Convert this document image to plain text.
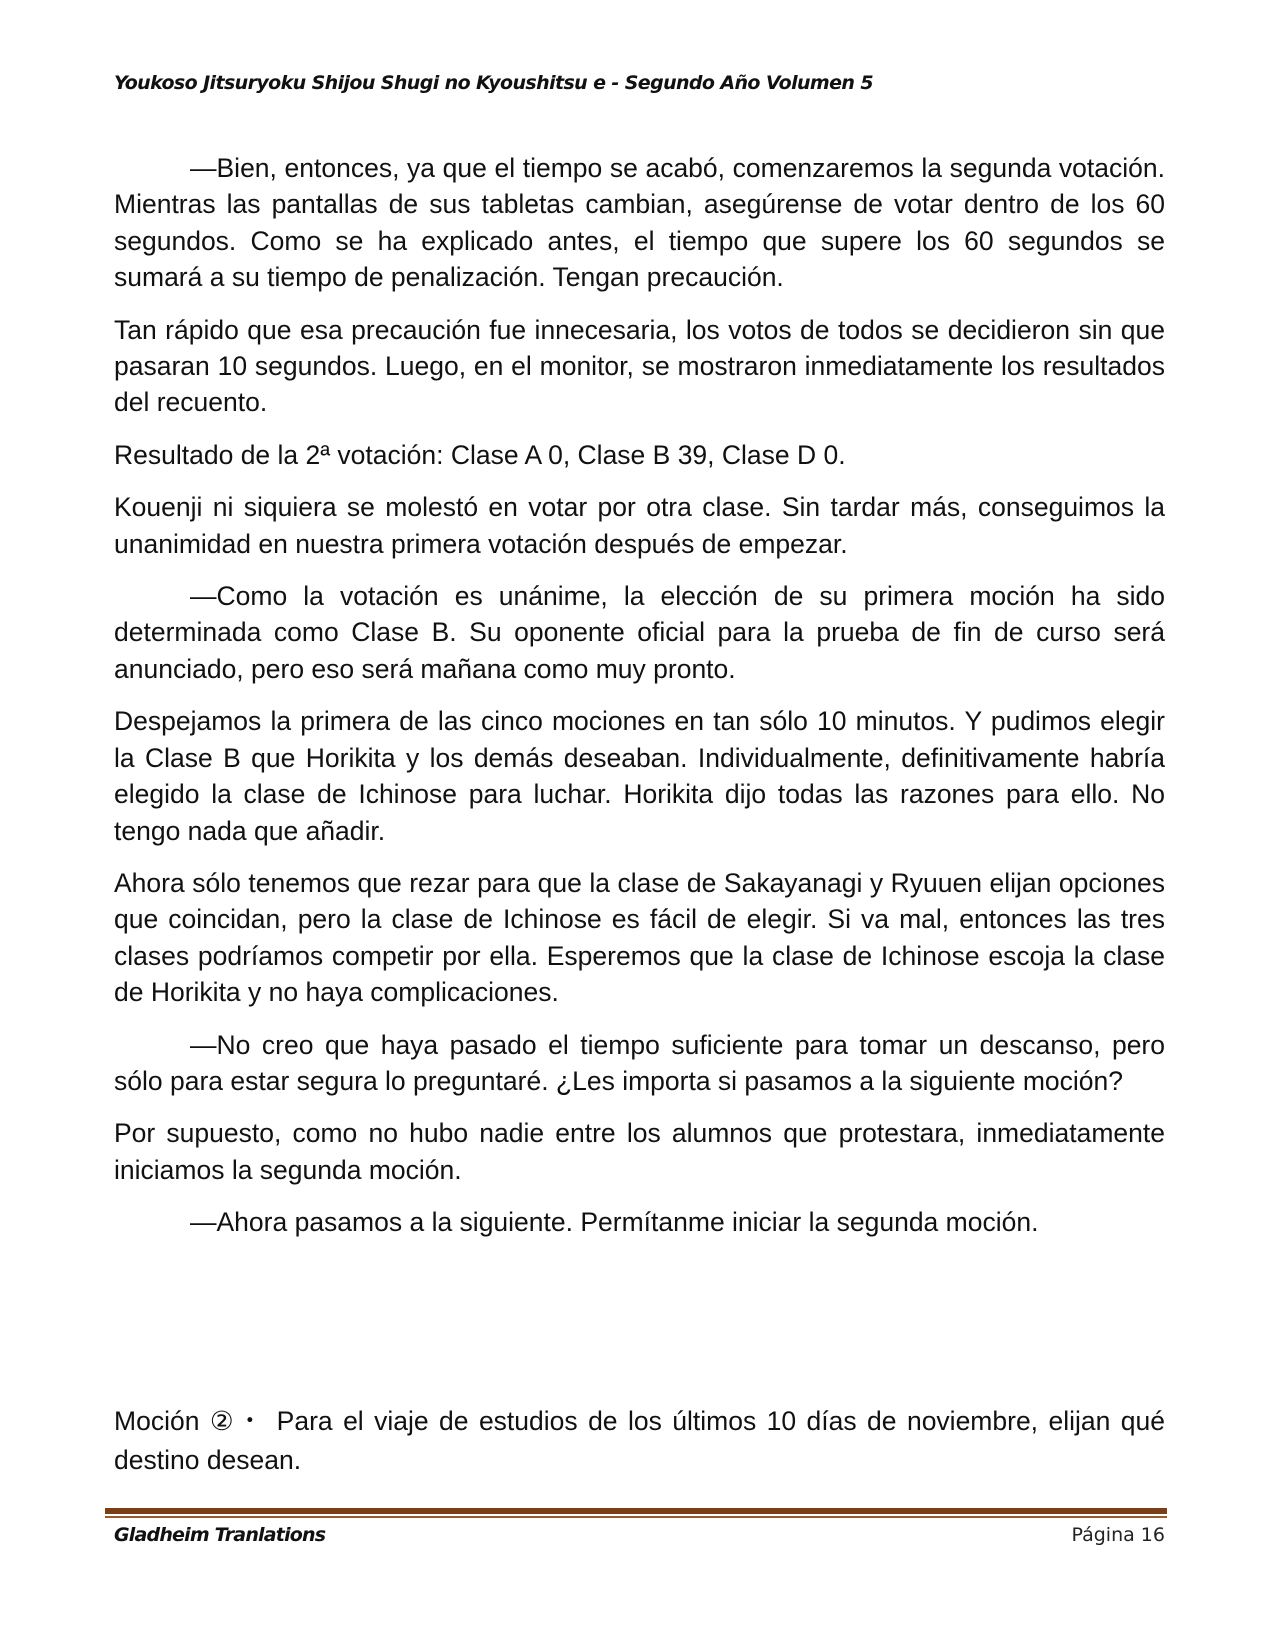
Youkoso Jitsuryoku Shijou Shugi no Kyoushitsu e - Segundo Año Volumen 5

—Bien, entonces, ya que el tiempo se acabó, comenzaremos la segunda votación. Mientras las pantallas de sus tabletas cambian, asegúrense de votar dentro de los 60 segundos. Como se ha explicado antes, el tiempo que supere los 60 segundos se sumará a su tiempo de penalización. Tengan precaución.

Tan rápido que esa precaución fue innecesaria, los votos de todos se decidieron sin que pasaran 10 segundos. Luego, en el monitor, se mostraron inmediatamente los resultados del recuento.

Resultado de la 2ª votación: Clase A 0, Clase B 39, Clase D 0.

Kouenji ni siquiera se molestó en votar por otra clase. Sin tardar más, conseguimos la unanimidad en nuestra primera votación después de empezar.

—Como la votación es unánime, la elección de su primera moción ha sido determinada como Clase B. Su oponente oficial para la prueba de fin de curso será anunciado, pero eso será mañana como muy pronto.

Despejamos la primera de las cinco mociones en tan sólo 10 minutos. Y pudimos elegir la Clase B que Horikita y los demás deseaban. Individualmente, definitivamente habría elegido la clase de Ichinose para luchar. Horikita dijo todas las razones para ello. No tengo nada que añadir.

Ahora sólo tenemos que rezar para que la clase de Sakayanagi y Ryuuen elijan opciones que coincidan, pero la clase de Ichinose es fácil de elegir. Si va mal, entonces las tres clases podríamos competir por ella. Esperemos que la clase de Ichinose escoja la clase de Horikita y no haya complicaciones.

—No creo que haya pasado el tiempo suficiente para tomar un descanso, pero sólo para estar segura lo preguntaré. ¿Les importa si pasamos a la siguiente moción?

Por supuesto, como no hubo nadie entre los alumnos que protestara, inmediatamente iniciamos la segunda moción.

—Ahora pasamos a la siguiente. Permítanme iniciar la segunda moción.

Moción ②・ Para el viaje de estudios de los últimos 10 días de noviembre, elijan qué destino desean.

Gladheim Tranlations	Página 16
